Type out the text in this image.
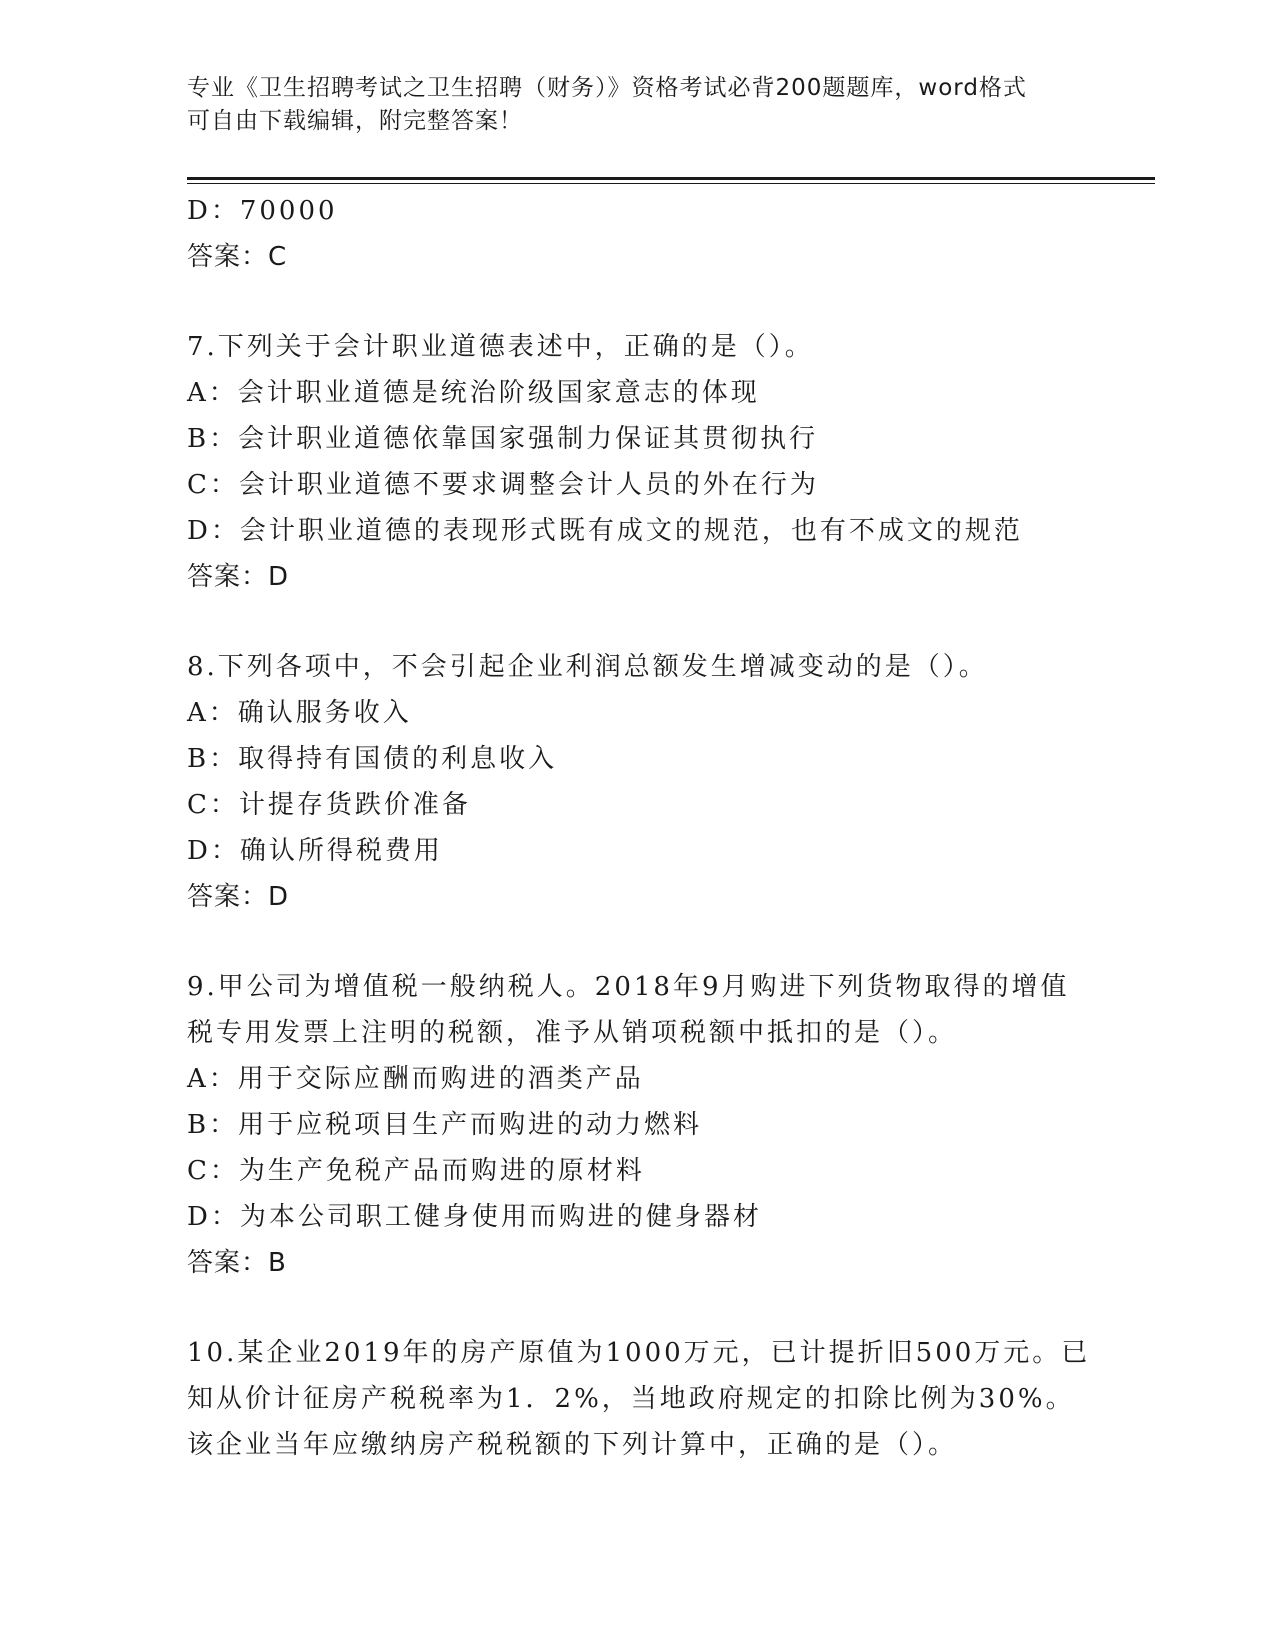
专业《卫生招聘考试之卫生招聘（财务）》资格考试必背200题题库，word格式
可自由下载编辑，附完整答案！
D：70000
答案：C
7.下列关于会计职业道德表述中，正确的是（）。
A：会计职业道德是统治阶级国家意志的体现
B：会计职业道德依靠国家强制力保证其贯彻执行
C：会计职业道德不要求调整会计人员的外在行为
D：会计职业道德的表现形式既有成文的规范，也有不成文的规范
答案：D
8.下列各项中，不会引起企业利润总额发生增减变动的是（）。
A：确认服务收入
B：取得持有国债的利息收入
C：计提存货跌价准备
D：确认所得税费用
答案：D
9.甲公司为增值税一般纳税人。2018年9月购进下列货物取得的增值
税专用发票上注明的税额，准予从销项税额中抵扣的是（）。
A：用于交际应酬而购进的酒类产品
B：用于应税项目生产而购进的动力燃料
C：为生产免税产品而购进的原材料
D：为本公司职工健身使用而购进的健身器材
答案：B
10.某企业2019年的房产原值为1000万元，已计提折旧500万元。已
知从价计征房产税税率为1．2%，当地政府规定的扣除比例为30%。
该企业当年应缴纳房产税税额的下列计算中，正确的是（）。
